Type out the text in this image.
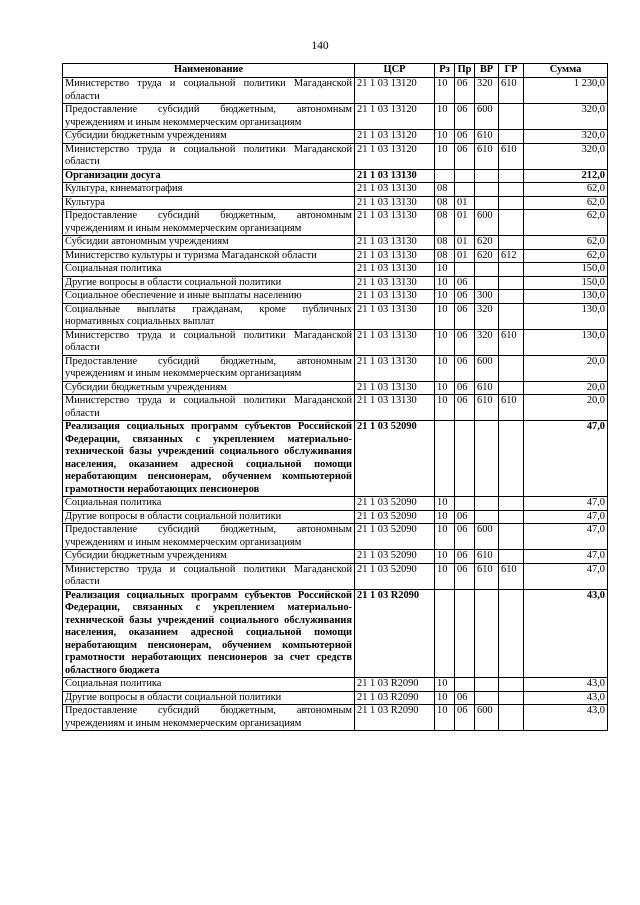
140
Наименование	ЦСР	Рз	Пр	ВР	ГР	Сумма
Министерство труда и социальной политики Магаданской области	21 1 03 13120	10	06	320	610	1 230,0
Предоставление субсидий бюджетным, автономным учреждениям и иным некоммерческим организациям	21 1 03 13120	10	06	600		320,0
Субсидии бюджетным учреждениям	21 1 03 13120	10	06	610		320,0
Министерство труда и социальной политики Магаданской области	21 1 03 13120	10	06	610	610	320,0
Организации досуга	21 1 03 13130					212,0
Культура, кинематография	21 1 03 13130	08				62,0
Культура	21 1 03 13130	08	01			62,0
Предоставление субсидий бюджетным, автономным учреждениям и иным некоммерческим организациям	21 1 03 13130	08	01	600		62,0
Субсидии автономным учреждениям	21 1 03 13130	08	01	620		62,0
Министерство культуры и туризма Магаданской области	21 1 03 13130	08	01	620	612	62,0
Социальная политика	21 1 03 13130	10				150,0
Другие вопросы в области социальной политики	21 1 03 13130	10	06			150,0
Социальное обеспечение и иные выплаты населению	21 1 03 13130	10	06	300		130,0
Социальные выплаты гражданам, кроме публичных нормативных социальных выплат	21 1 03 13130	10	06	320		130,0
Министерство труда и социальной политики Магаданской области	21 1 03 13130	10	06	320	610	130,0
Предоставление субсидий бюджетным, автономным учреждениям и иным некоммерческим организациям	21 1 03 13130	10	06	600		20,0
Субсидии бюджетным учреждениям	21 1 03 13130	10	06	610		20,0
Министерство труда и социальной политики Магаданской области	21 1 03 13130	10	06	610	610	20,0
Реализация социальных программ субъектов Российской Федерации, связанных с укреплением материально-технической базы учреждений социального обслуживания населения, оказанием адресной социальной помощи неработающим пенсионерам, обучением компьютерной грамотности неработающих пенсионеров	21 1 03 52090					47,0
Социальная политика	21 1 03 52090	10				47,0
Другие вопросы в области социальной политики	21 1 03 52090	10	06			47,0
Предоставление субсидий бюджетным, автономным учреждениям и иным некоммерческим организациям	21 1 03 52090	10	06	600		47,0
Субсидии бюджетным учреждениям	21 1 03 52090	10	06	610		47,0
Министерство труда и социальной политики Магаданской области	21 1 03 52090	10	06	610	610	47,0
Реализация социальных программ субъектов Российской Федерации, связанных с укреплением материально-технической базы учреждений социального обслуживания населения, оказанием адресной социальной помощи неработающим пенсионерам, обучением компьютерной грамотности неработающих пенсионеров за счет средств областного бюджета	21 1 03 R2090					43,0
Социальная политика	21 1 03 R2090	10				43,0
Другие вопросы в области социальной политики	21 1 03 R2090	10	06			43,0
Предоставление субсидий бюджетным, автономным учреждениям и иным некоммерческим организациям	21 1 03 R2090	10	06	600		43,0
